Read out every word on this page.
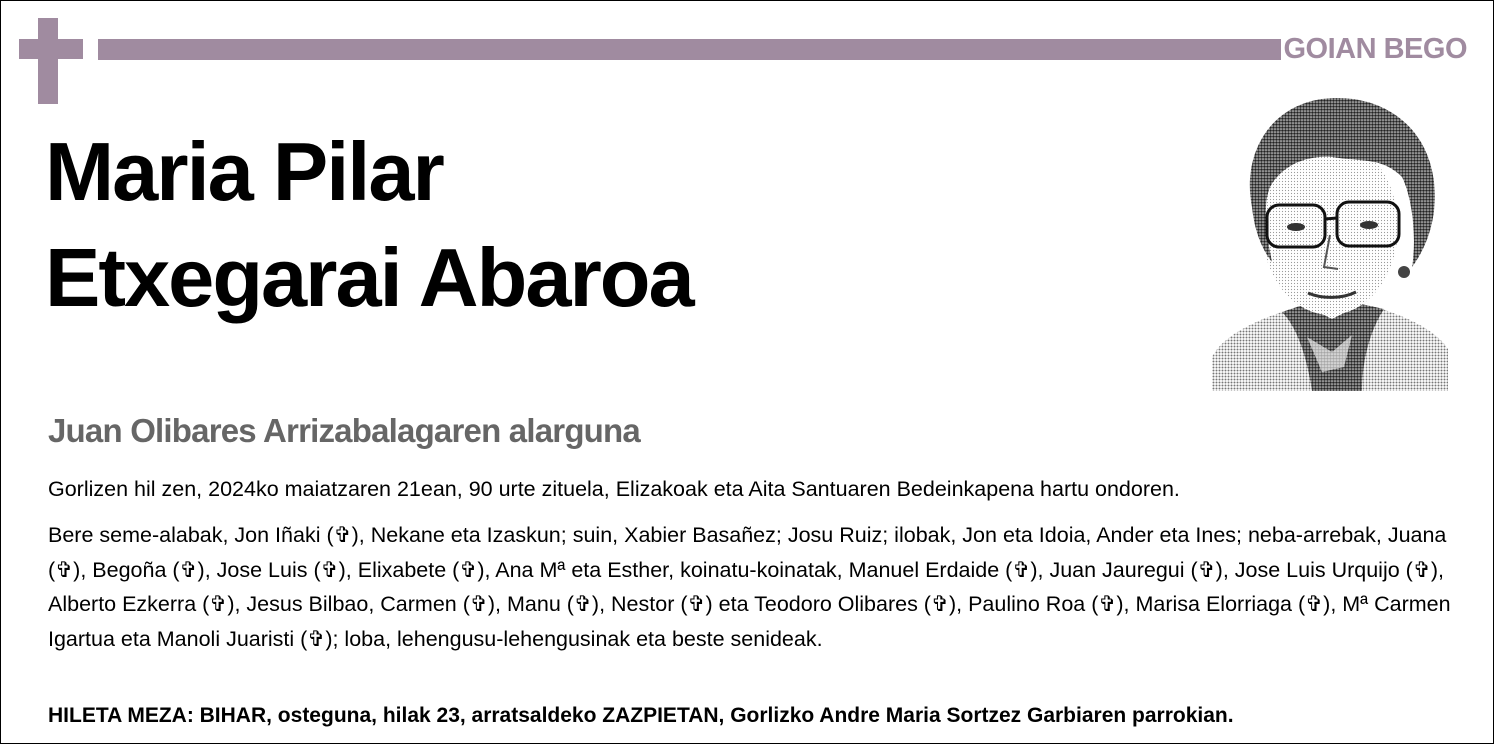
GOIAN BEGO
Maria Pilar
Etxegarai Abaroa
Juan Olibares Arrizabalagaren alarguna

Gorlizen hil zen, 2024ko maiatzaren 21ean, 90 urte zituela, Elizakoak eta Aita Santuaren Bedeinkapena hartu ondoren.

Bere seme-alabak, Jon Iñaki (✞), Nekane eta Izaskun; suin, Xabier Basañez; Josu Ruiz; ilobak, Jon eta Idoia, Ander eta Ines; neba-arrebak, Juana (✞), Begoña (✞), Jose Luis (✞), Elixabete (✞), Ana Mª eta Esther, koinatu-koinatak, Manuel Erdaide (✞), Juan Jauregui (✞), Jose Luis Urquijo (✞), Alberto Ezkerra (✞), Jesus Bilbao, Carmen (✞), Manu (✞), Nestor (✞) eta Teodoro Olibares (✞), Paulino Roa (✞), Marisa Elorriaga (✞), Mª Carmen Igartua eta Manoli Juaristi (✞); loba, lehengusu-lehengusinak eta beste senideak.

HILETA MEZA: BIHAR, osteguna, hilak 23, arratsaldeko ZAZPIETAN, Gorlizko Andre Maria Sortzez Garbiaren parrokian.
